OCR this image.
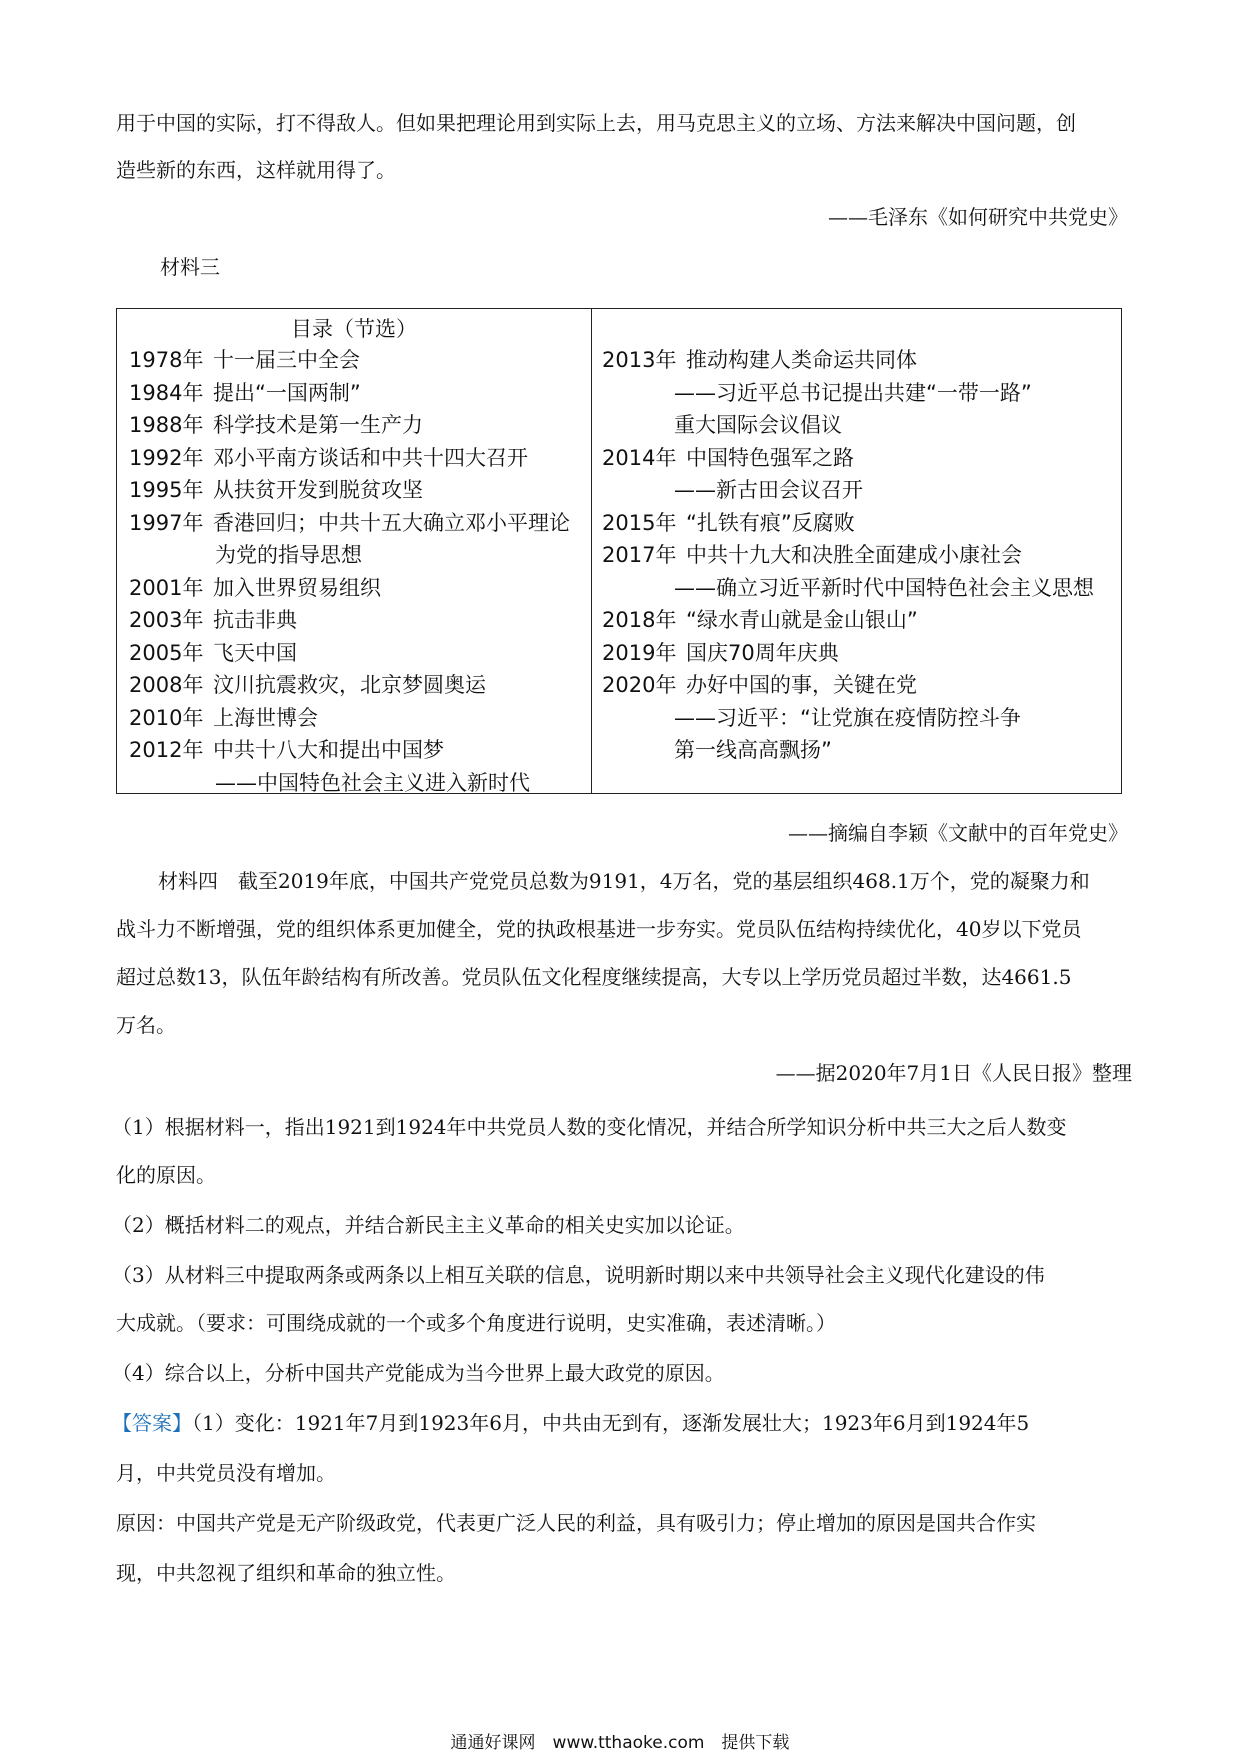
用于中国的实际，打不得敌人。但如果把理论用到实际上去，用马克思主义的立场、方法来解决中国问题，创
造些新的东西，这样就用得了。
——毛泽东《如何研究中共党史》
材料三
目录（节选）
1978年 十一届三中全会
1984年 提出“一国两制”
1988年 科学技术是第一生产力
1992年 邓小平南方谈话和中共十四大召开
1995年 从扶贫开发到脱贫攻坚
1997年 香港回归；中共十五大确立邓小平理论
为党的指导思想
2001年 加入世界贸易组织
2003年 抗击非典
2005年 飞天中国
2008年 汶川抗震救灾，北京梦圆奥运
2010年 上海世博会
2012年 中共十八大和提出中国梦
——中国特色社会主义进入新时代
2013年 推动构建人类命运共同体
——习近平总书记提出共建“一带一路”
重大国际会议倡议
2014年 中国特色强军之路
——新古田会议召开
2015年 “扎铁有痕”反腐败
2017年 中共十九大和决胜全面建成小康社会
——确立习近平新时代中国特色社会主义思想
2018年 “绿水青山就是金山银山”
2019年 国庆70周年庆典
2020年 办好中国的事，关键在党
——习近平：“让党旗在疫情防控斗争
第一线高高飘扬”
——摘编自李颖《文献中的百年党史》
材料四　截至2019年底，中国共产党党员总数为9191，4万名，党的基层组织468.1万个，党的凝聚力和
战斗力不断增强，党的组织体系更加健全，党的执政根基进一步夯实。党员队伍结构持续优化，40岁以下党员
超过总数13，队伍年龄结构有所改善。党员队伍文化程度继续提高，大专以上学历党员超过半数，达4661.5
万名。
——据2020年7月1日《人民日报》整理
（1）根据材料一，指出1921到1924年中共党员人数的变化情况，并结合所学知识分析中共三大之后人数变
化的原因。
（2）概括材料二的观点，并结合新民主主义革命的相关史实加以论证。
（3）从材料三中提取两条或两条以上相互关联的信息，说明新时期以来中共领导社会主义现代化建设的伟
大成就。（要求：可围绕成就的一个或多个角度进行说明，史实准确，表述清晰。）
（4）综合以上，分析中国共产党能成为当今世界上最大政党的原因。
【答案】（1）变化：1921年7月到1923年6月，中共由无到有，逐渐发展壮大；1923年6月到1924年5
月，中共党员没有增加。
原因：中国共产党是无产阶级政党，代表更广泛人民的利益，具有吸引力；停止增加的原因是国共合作实
现，中共忽视了组织和革命的独立性。
通通好课网　www.tthaoke.com　提供下载
